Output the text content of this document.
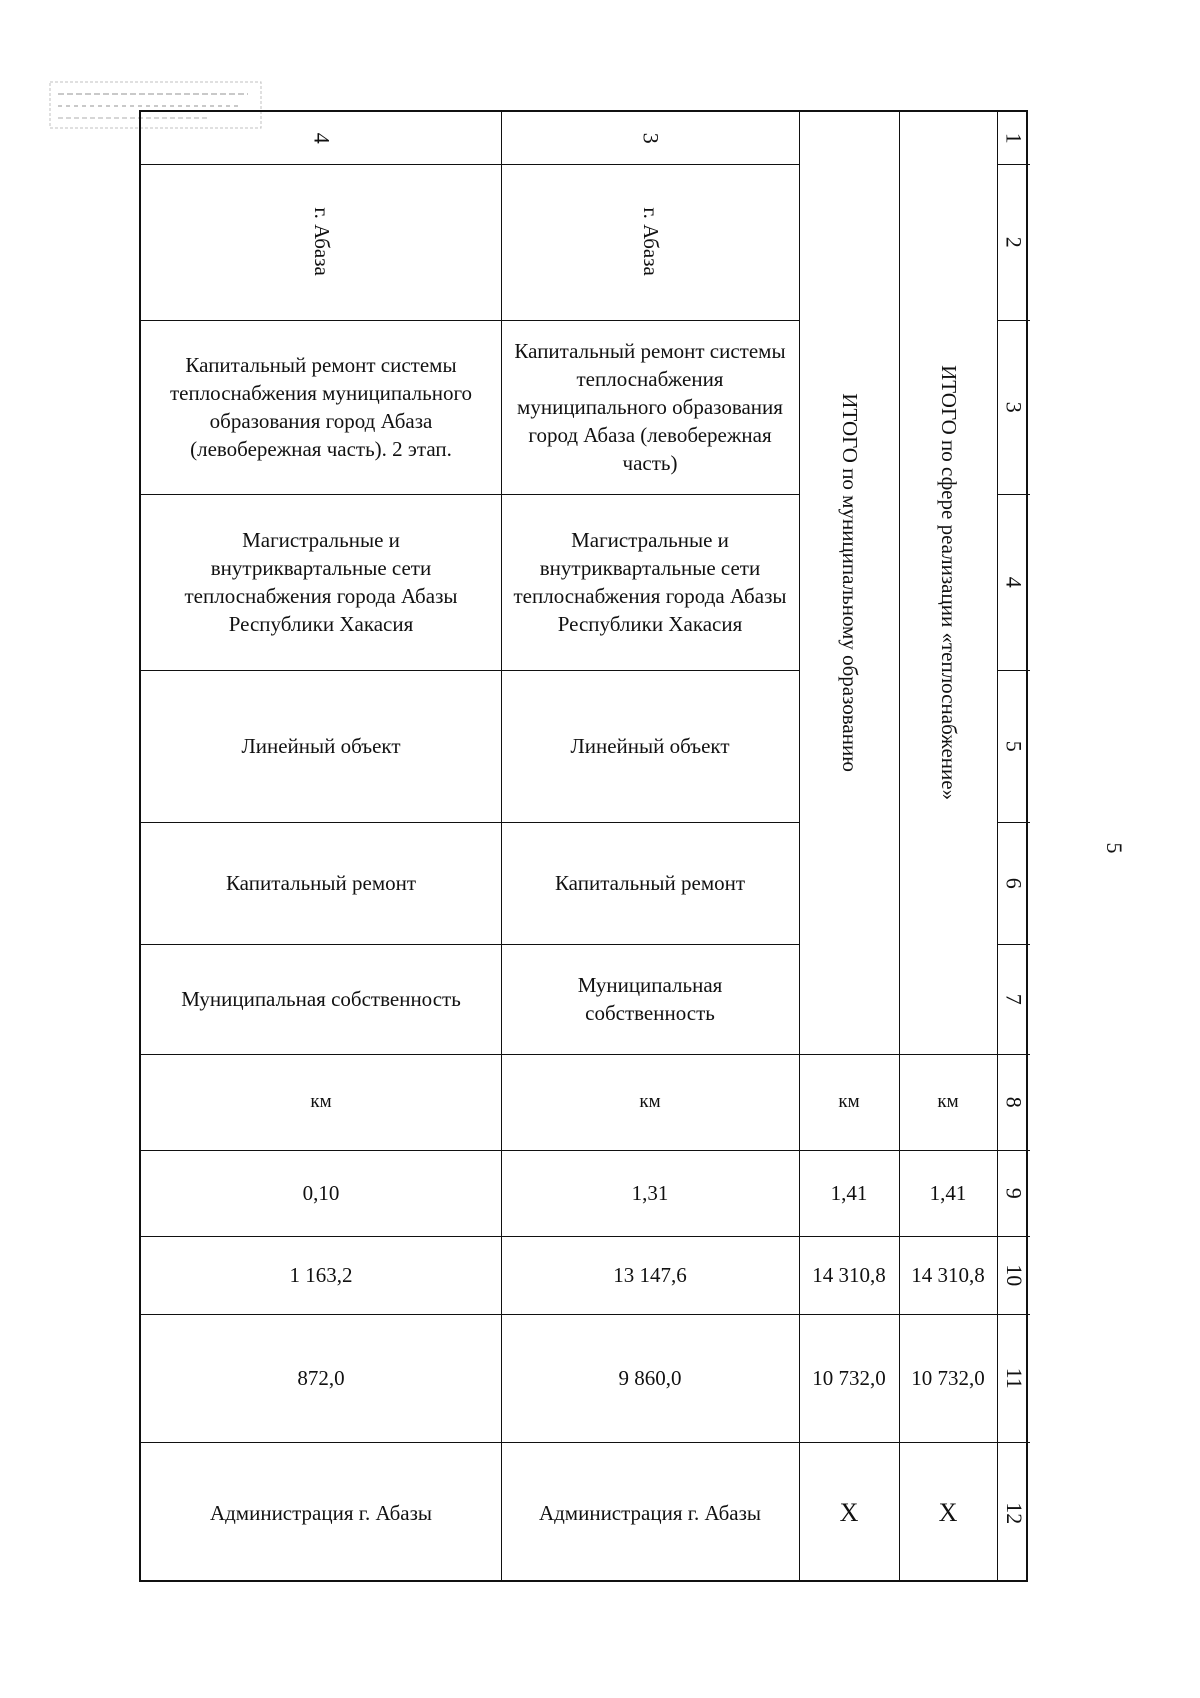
5
1
2
3
4
5
6
7
8
9
10
11
12
ИТОГО по сфере реализации «теплоснабжение»
ИТОГО по муниципальному образованию
км
1,41
14 310,8
10 732,0
Х
км
1,41
14 310,8
10 732,0
Х
3
г. Абаза
Капитальный ремонт системы теплоснабжения муниципального образования город Абаза (левобережная часть)
Магистральные и внутриквартальные сети теплоснабжения города Абазы Республики Хакасия
Линейный объект
Капитальный ремонт
Муниципальная собственность
км
1,31
13 147,6
9 860,0
Администрация г. Абазы
4
г. Абаза
Капитальный ремонт системы теплоснабжения муниципального образования город Абаза (левобережная часть). 2 этап.
Магистральные и внутриквартальные сети теплоснабжения города Абазы Республики Хакасия
Линейный объект
Капитальный ремонт
Муниципальная собственность
км
0,10
1 163,2
872,0
Администрация г. Абазы
